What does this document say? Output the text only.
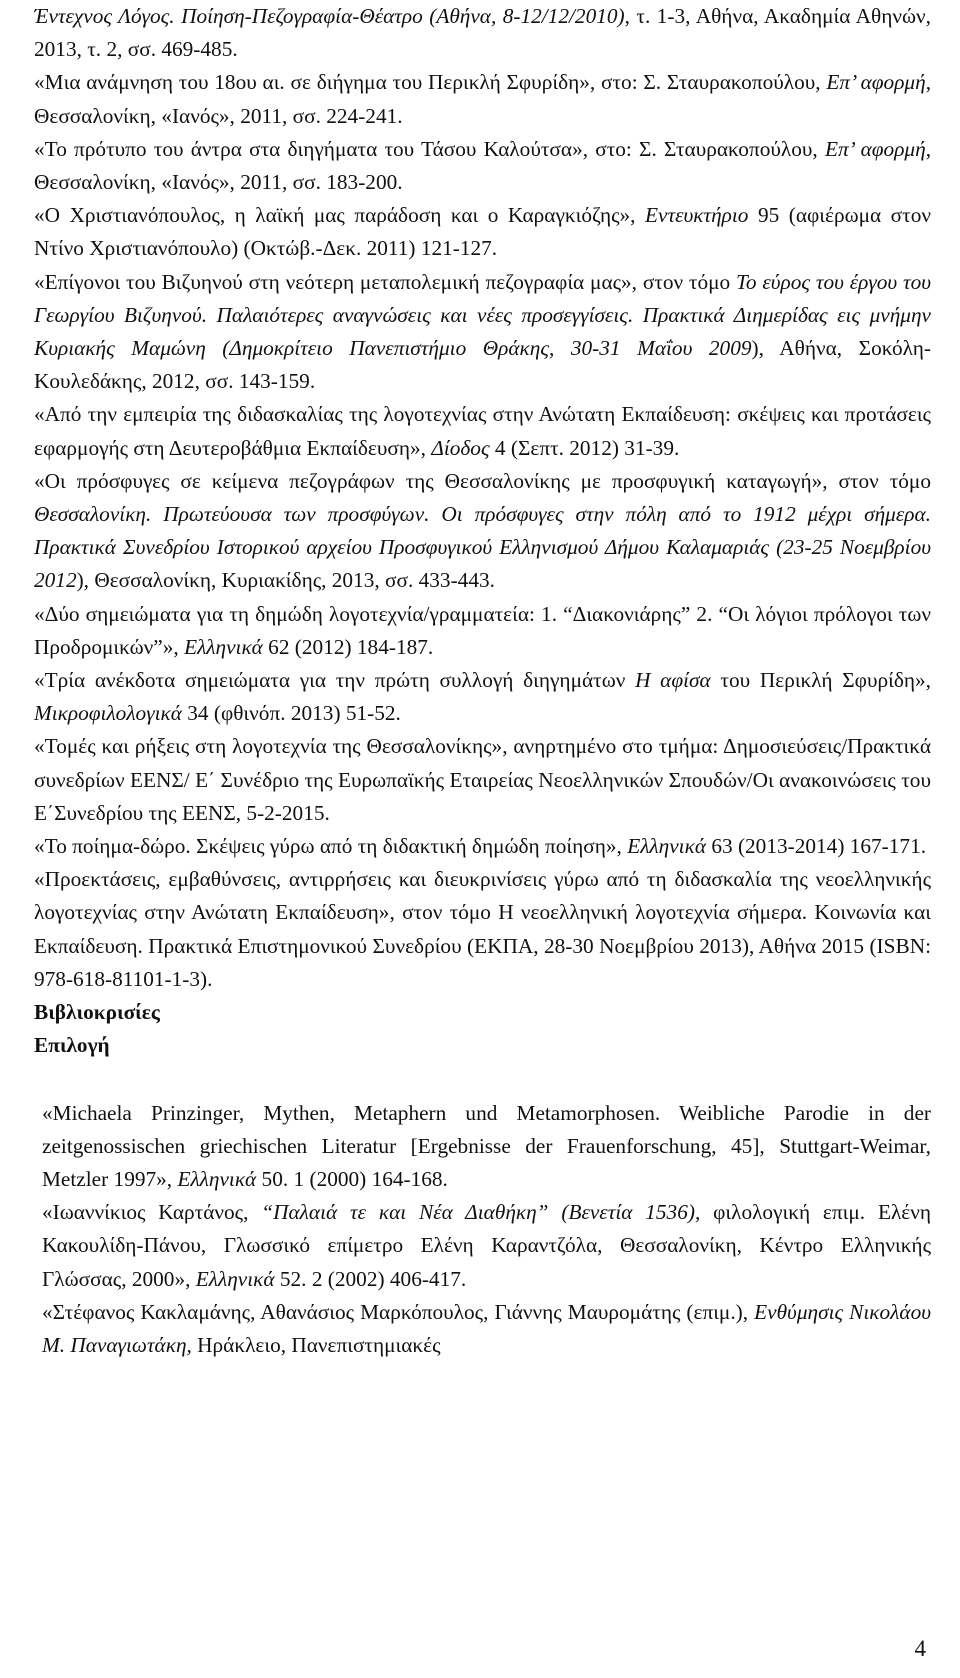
Έντεχνος Λόγος. Ποίηση-Πεζογραφία-Θέατρο (Αθήνα, 8-12/12/2010), τ. 1-3, Αθήνα, Ακαδημία Αθηνών, 2013, τ. 2, σσ. 469-485.

«Μια ανάμνηση του 18ου αι. σε διήγημα του Περικλή Σφυρίδη», στο: Σ. Σταυρακοπούλου, Επ’ αφορμή, Θεσσαλονίκη, «Ιανός», 2011, σσ. 224-241.

«Το πρότυπο του άντρα στα διηγήματα του Τάσου Καλούτσα», στο: Σ. Σταυρακοπούλου, Επ’ αφορμή, Θεσσαλονίκη, «Ιανός», 2011, σσ. 183-200.

«Ο Χριστιανόπουλος, η λαϊκή μας παράδοση και ο Καραγκιόζης», Εντευκτήριο 95 (αφιέρωμα στον Ντίνο Χριστιανόπουλο) (Οκτώβ.-Δεκ. 2011) 121-127.

«Επίγονοι του Βιζυηνού στη νεότερη μεταπολεμική πεζογραφία μας», στον τόμο Το εύρος του έργου του Γεωργίου Βιζυηνού. Παλαιότερες αναγνώσεις και νέες προσεγγίσεις. Πρακτικά Διημερίδας εις μνήμην Κυριακής Μαμώνη (Δημοκρίτειο Πανεπιστήμιο Θράκης, 30-31 Μαΐου 2009), Αθήνα, Σοκόλη-Κουλεδάκης, 2012, σσ. 143-159.

«Από την εμπειρία της διδασκαλίας της λογοτεχνίας στην Ανώτατη Εκπαίδευση: σκέψεις και προτάσεις εφαρμογής στη Δευτεροβάθμια Εκπαίδευση», Δίοδος 4 (Σεπτ. 2012) 31-39.

«Οι πρόσφυγες σε κείμενα πεζογράφων της Θεσσαλονίκης με προσφυγική καταγωγή», στον τόμο Θεσσαλονίκη. Πρωτεύουσα των προσφύγων. Οι πρόσφυγες στην πόλη από το 1912 μέχρι σήμερα. Πρακτικά Συνεδρίου Ιστορικού αρχείου Προσφυγικού Ελληνισμού Δήμου Καλαμαριάς (23-25 Νοεμβρίου 2012), Θεσσαλονίκη, Κυριακίδης, 2013, σσ. 433-443.

«Δύο σημειώματα για τη δημώδη λογοτεχνία/γραμματεία: 1. “Διακονιάρης” 2. “Οι λόγιοι πρόλογοι των Προδρομικών”», Ελληνικά 62 (2012) 184-187.

«Τρία ανέκδοτα σημειώματα για την πρώτη συλλογή διηγημάτων Η αφίσα του Περικλή Σφυρίδη», Μικροφιλολογικά 34 (φθινόπ. 2013) 51-52.

«Τομές και ρήξεις στη λογοτεχνία της Θεσσαλονίκης», ανηρτημένο στο τμήμα: Δημοσιεύσεις/Πρακτικά συνεδρίων ΕΕΝΣ/ Ε΄ Συνέδριο της Ευρωπαϊκής Εταιρείας Νεοελληνικών Σπουδών/Οι ανακοινώσεις του Ε΄Συνεδρίου της ΕΕΝΣ, 5-2-2015.

«Το ποίημα-δώρο. Σκέψεις γύρω από τη διδακτική δημώδη ποίηση», Ελληνικά 63 (2013-2014) 167-171.

«Προεκτάσεις, εμβαθύνσεις, αντιρρήσεις και διευκρινίσεις γύρω από τη διδασκαλία της νεοελληνικής λογοτεχνίας στην Ανώτατη Εκπαίδευση», στον τόμο Η νεοελληνική λογοτεχνία σήμερα. Κοινωνία και Εκπαίδευση. Πρακτικά Επιστημονικού Συνεδρίου (ΕΚΠΑ, 28-30 Νοεμβρίου 2013), Αθήνα 2015 (ISBN: 978-618-81101-1-3).

Βιβλιοκρισίες
Επιλογή

«Michaela Prinzinger, Mythen, Metaphern und Metamorphosen. Weibliche Parodie in der zeitgenossischen griechischen Literatur [Ergebnisse der Frauenforschung, 45], Stuttgart-Weimar, Metzler 1997», Ελληνικά 50. 1 (2000) 164-168.

«Ιωαννίκιος Καρτάνος, “Παλαιά τε και Νέα Διαθήκη” (Βενετία 1536), φιλολογική επιμ. Ελένη Κακουλίδη-Πάνου, Γλωσσικό επίμετρο Ελένη Καραντζόλα, Θεσσαλονίκη, Κέντρο Ελληνικής Γλώσσας, 2000», Ελληνικά 52. 2 (2002) 406-417.

«Στέφανος Κακλαμάνης, Αθανάσιος Μαρκόπουλος, Γιάννης Μαυρομάτης (επιμ.), Ενθύμησις Νικολάου Μ. Παναγιωτάκη, Ηράκλειο, Πανεπιστημιακές

4
